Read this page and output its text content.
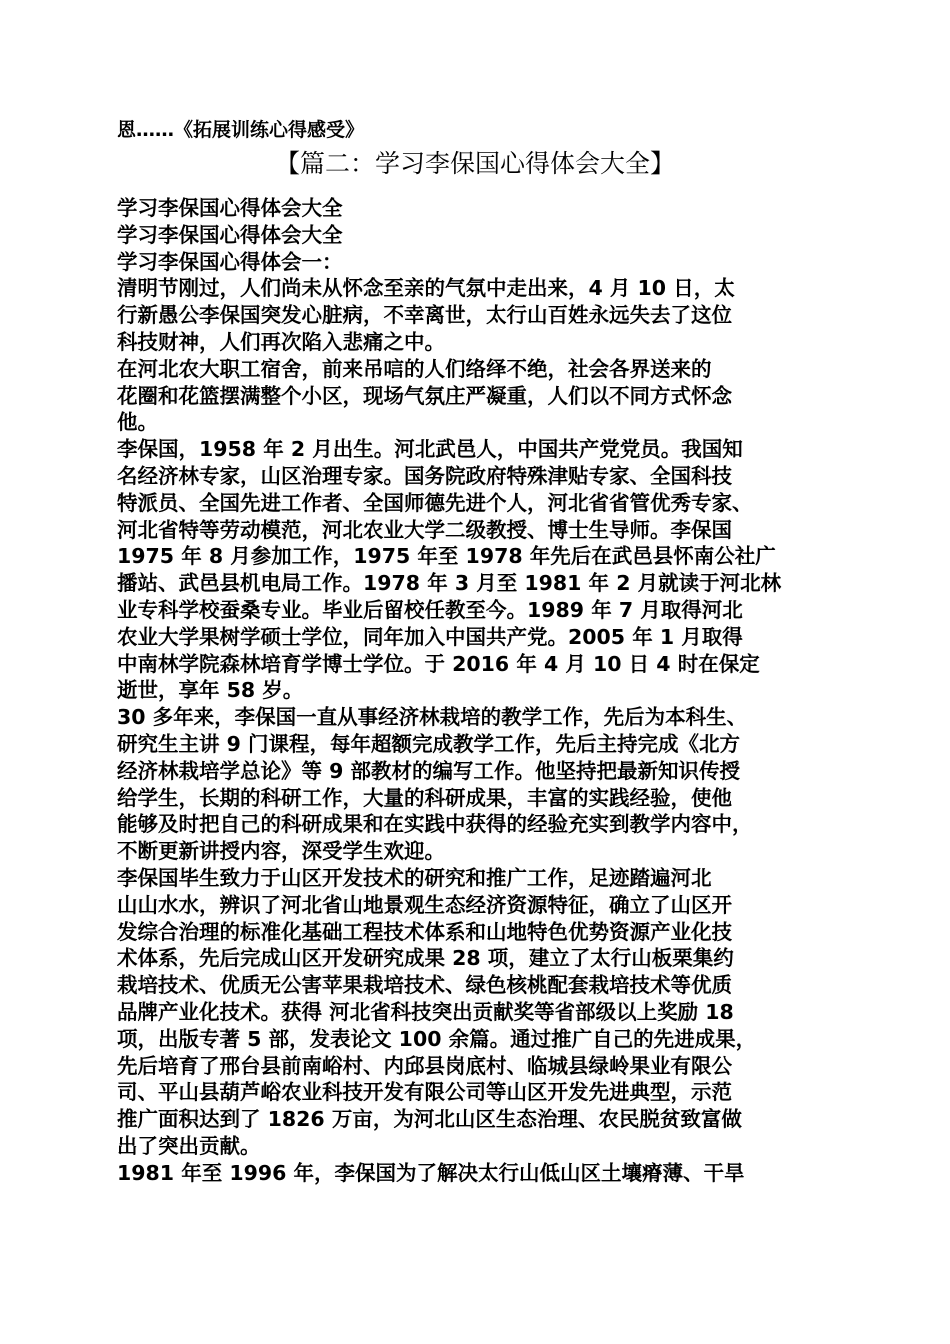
恩……《拓展训练心得感受》
【篇二：学习李保国心得体会大全】
学习李保国心得体会大全
学习李保国心得体会大全
学习李保国心得体会一：
清明节刚过，人们尚未从怀念至亲的气氛中走出来，4 月 10 日，太
行新愚公李保国突发心脏病，不幸离世，太行山百姓永远失去了这位
科技财神，人们再次陷入悲痛之中。
在河北农大职工宿舍，前来吊唁的人们络绎不绝，社会各界送来的
花圈和花篮摆满整个小区，现场气氛庄严凝重，人们以不同方式怀念
他。
李保国，1958 年 2 月出生。河北武邑人，中国共产党党员。我国知
名经济林专家，山区治理专家。国务院政府特殊津贴专家、全国科技
特派员、全国先进工作者、全国师德先进个人，河北省省管优秀专家、
河北省特等劳动模范，河北农业大学二级教授、博士生导师。李保国
1975 年 8 月参加工作，1975 年至 1978 年先后在武邑县怀南公社广
播站、武邑县机电局工作。1978 年 3 月至 1981 年 2 月就读于河北林
业专科学校蚕桑专业。毕业后留校任教至今。1989 年 7 月取得河北
农业大学果树学硕士学位，同年加入中国共产党。2005 年 1 月取得
中南林学院森林培育学博士学位。于 2016 年 4 月 10 日 4 时在保定
逝世，享年 58 岁。
30 多年来，李保国一直从事经济林栽培的教学工作，先后为本科生、
研究生主讲 9 门课程，每年超额完成教学工作，先后主持完成《北方
经济林栽培学总论》等 9 部教材的编写工作。他坚持把最新知识传授
给学生，长期的科研工作，大量的科研成果，丰富的实践经验，使他
能够及时把自己的科研成果和在实践中获得的经验充实到教学内容中，
不断更新讲授内容，深受学生欢迎。
李保国毕生致力于山区开发技术的研究和推广工作，足迹踏遍河北
山山水水，辨识了河北省山地景观生态经济资源特征，确立了山区开
发综合治理的标准化基础工程技术体系和山地特色优势资源产业化技
术体系，先后完成山区开发研究成果 28 项，建立了太行山板栗集约
栽培技术、优质无公害苹果栽培技术、绿色核桃配套栽培技术等优质
品牌产业化技术。获得 河北省科技突出贡献奖等省部级以上奖励 18
项，出版专著 5 部，发表论文 100 余篇。通过推广自己的先进成果，
先后培育了邢台县前南峪村、内邱县岗底村、临城县绿岭果业有限公
司、平山县葫芦峪农业科技开发有限公司等山区开发先进典型，示范
推广面积达到了 1826 万亩，为河北山区生态治理、农民脱贫致富做
出了突出贡献。
1981 年至 1996 年，李保国为了解决太行山低山区土壤瘠薄、干旱
